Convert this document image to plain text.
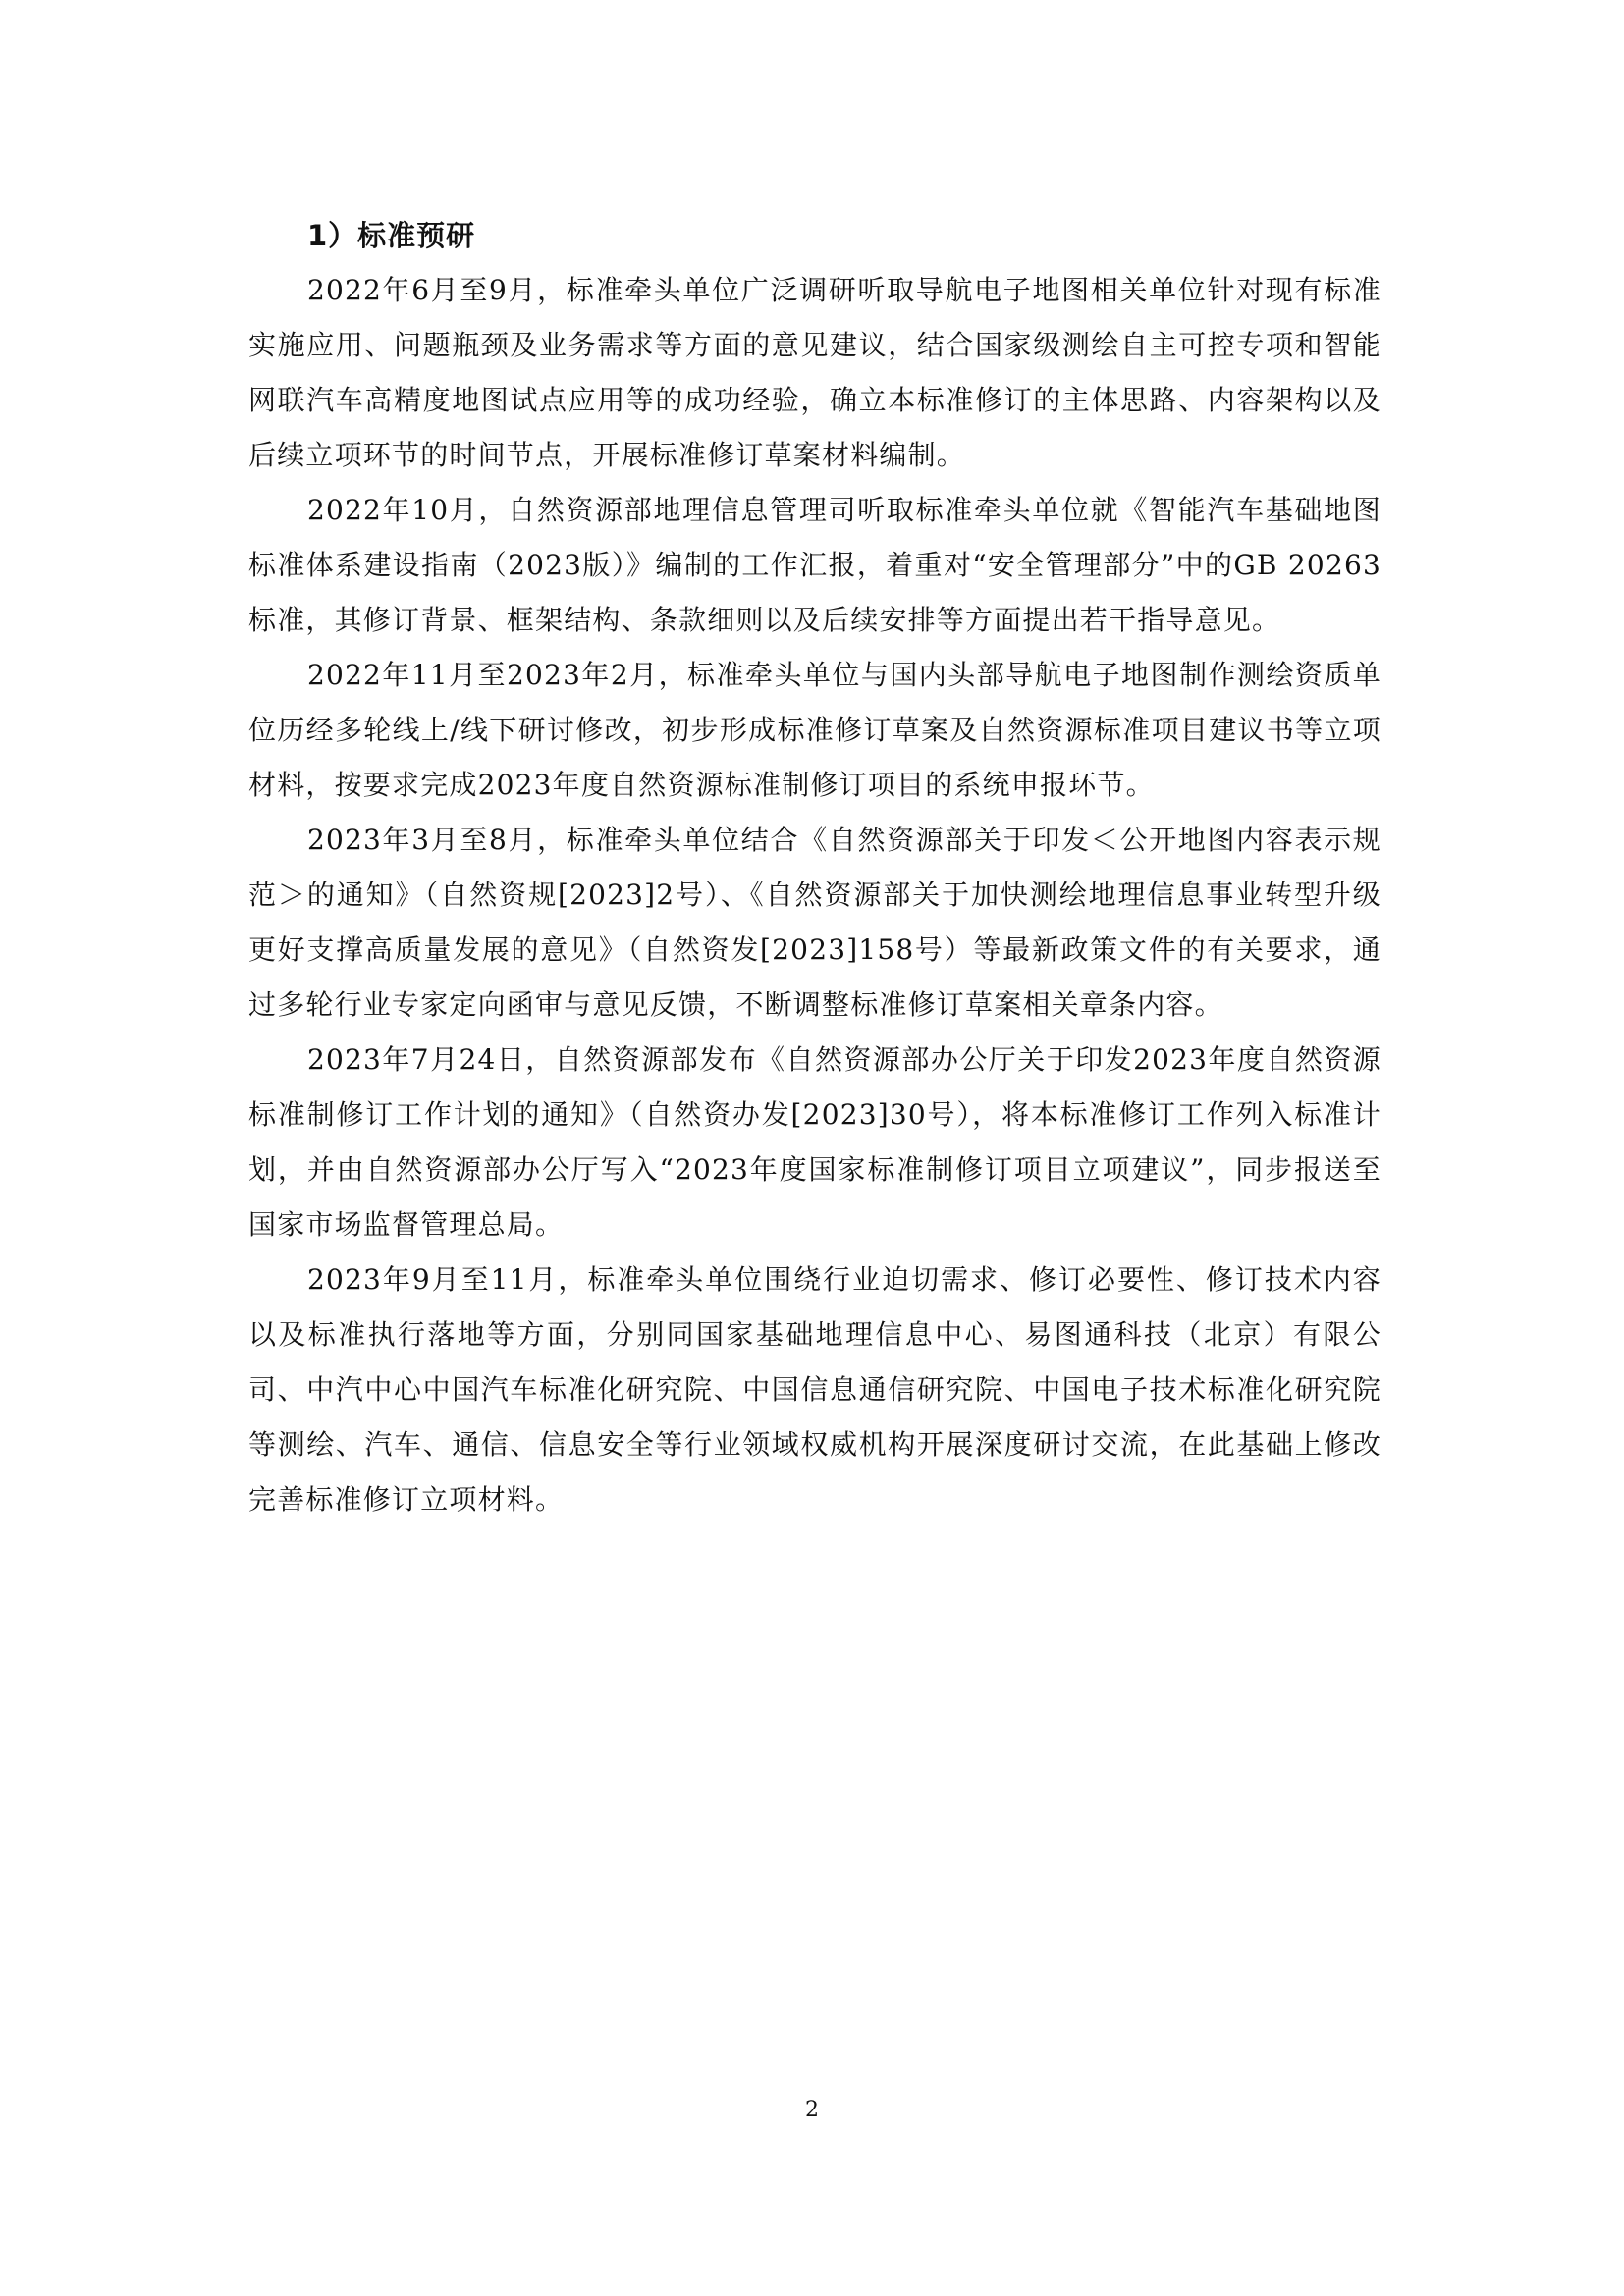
1）标准预研

2022年6月至9月，标准牵头单位广泛调研听取导航电子地图相关单位针对现有标准实施应用、问题瓶颈及业务需求等方面的意见建议，结合国家级测绘自主可控专项和智能网联汽车高精度地图试点应用等的成功经验，确立本标准修订的主体思路、内容架构以及后续立项环节的时间节点，开展标准修订草案材料编制。

2022年10月，自然资源部地理信息管理司听取标准牵头单位就《智能汽车基础地图标准体系建设指南（2023版）》编制的工作汇报，着重对“安全管理部分”中的GB 20263标准，其修订背景、框架结构、条款细则以及后续安排等方面提出若干指导意见。

2022年11月至2023年2月，标准牵头单位与国内头部导航电子地图制作测绘资质单位历经多轮线上/线下研讨修改，初步形成标准修订草案及自然资源标准项目建议书等立项材料，按要求完成2023年度自然资源标准制修订项目的系统申报环节。

2023年3月至8月，标准牵头单位结合《自然资源部关于印发＜公开地图内容表示规范＞的通知》（自然资规[2023]2号）、《自然资源部关于加快测绘地理信息事业转型升级 更好支撑高质量发展的意见》（自然资发[2023]158号）等最新政策文件的有关要求，通过多轮行业专家定向函审与意见反馈，不断调整标准修订草案相关章条内容。

2023年7月24日，自然资源部发布《自然资源部办公厅关于印发2023年度自然资源标准制修订工作计划的通知》（自然资办发[2023]30号），将本标准修订工作列入标准计划，并由自然资源部办公厅写入“2023年度国家标准制修订项目立项建议”，同步报送至国家市场监督管理总局。

2023年9月至11月，标准牵头单位围绕行业迫切需求、修订必要性、修订技术内容以及标准执行落地等方面，分别同国家基础地理信息中心、易图通科技（北京）有限公司、中汽中心中国汽车标准化研究院、中国信息通信研究院、中国电子技术标准化研究院等测绘、汽车、通信、信息安全等行业领域权威机构开展深度研讨交流，在此基础上修改完善标准修订立项材料。

2
